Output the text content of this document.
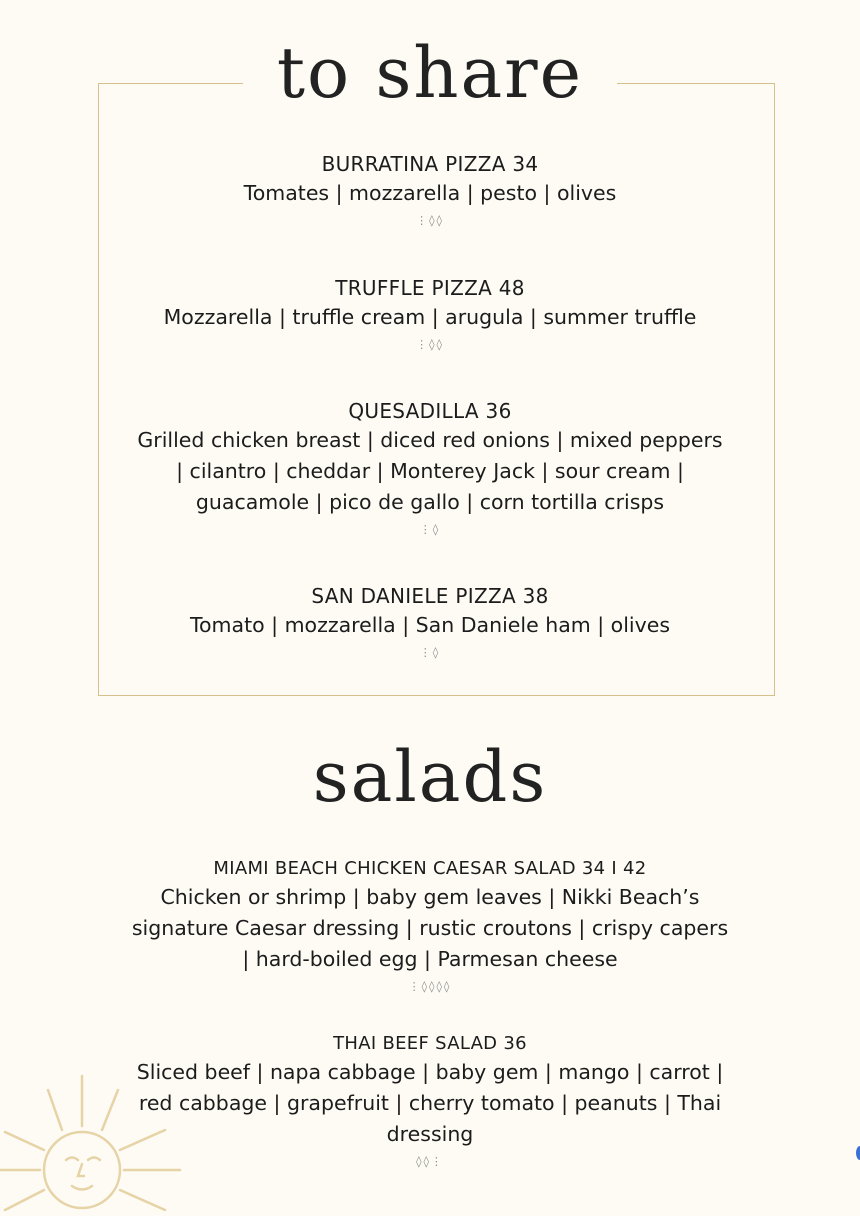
to share
BURRATINA PIZZA 34
Tomates | mozzarella | pesto | olives
⋮◊◊
TRUFFLE PIZZA 48
Mozzarella | truffle cream | arugula | summer truffle
⋮◊◊
QUESADILLA 36
Grilled chicken breast | diced red onions | mixed peppers | cilantro | cheddar | Monterey Jack | sour cream | guacamole | pico de gallo | corn tortilla crisps
⋮◊
SAN DANIELE PIZZA 38
Tomato | mozzarella | San Daniele ham | olives
⋮◊
salads
MIAMI BEACH CHICKEN CAESAR SALAD 34 I 42
Chicken or shrimp | baby gem leaves | Nikki Beach’s signature Caesar dressing | rustic croutons | crispy capers | hard-boiled egg | Parmesan cheese
⋮◊◊◊◊
THAI BEEF SALAD 36
Sliced beef | napa cabbage | baby gem | mango | carrot | red cabbage | grapefruit | cherry tomato | peanuts | Thai dressing
◊◊⋮
